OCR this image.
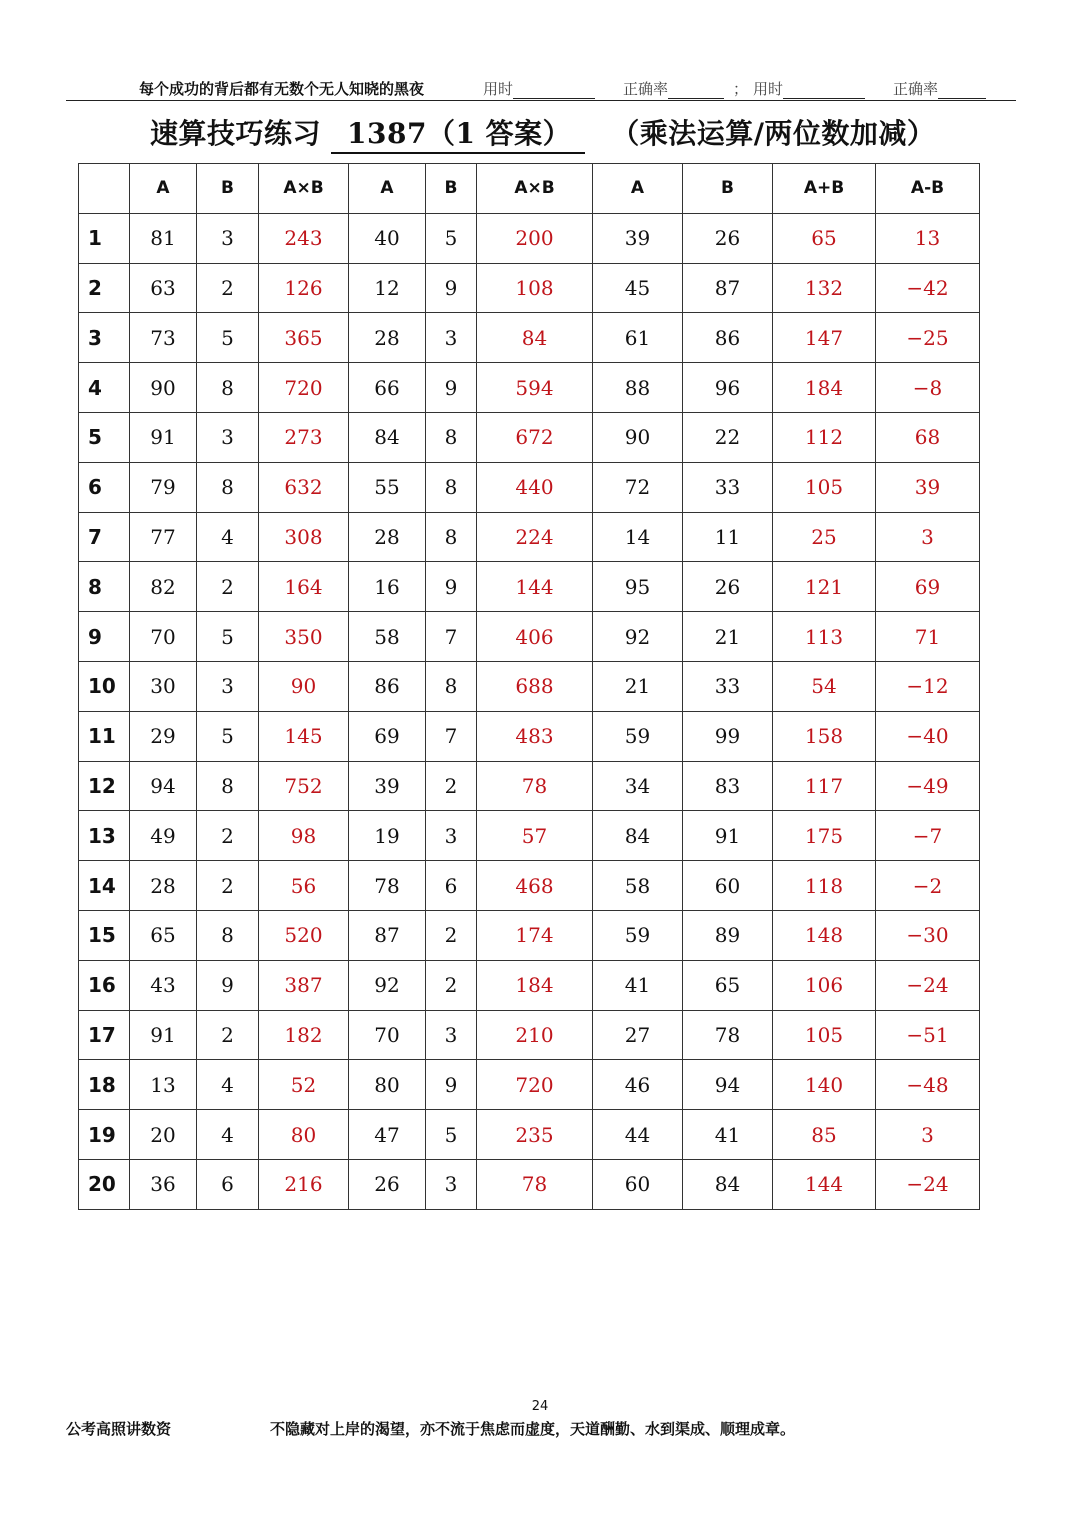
每个成功的背后都有无数个无人知晓的黑夜	用时	正确率	； 用时	正确率
速算技巧练习 1387（1 答案） （乘法运算/两位数加减）
	A	B	A×B	A	B	A×B	A	B	A+B	A-B
1	81	3	243	40	5	200	39	26	65	13
2	63	2	126	12	9	108	45	87	132	−42
3	73	5	365	28	3	84	61	86	147	−25
4	90	8	720	66	9	594	88	96	184	−8
5	91	3	273	84	8	672	90	22	112	68
6	79	8	632	55	8	440	72	33	105	39
7	77	4	308	28	8	224	14	11	25	3
8	82	2	164	16	9	144	95	26	121	69
9	70	5	350	58	7	406	92	21	113	71
10	30	3	90	86	8	688	21	33	54	−12
11	29	5	145	69	7	483	59	99	158	−40
12	94	8	752	39	2	78	34	83	117	−49
13	49	2	98	19	3	57	84	91	175	−7
14	28	2	56	78	6	468	58	60	118	−2
15	65	8	520	87	2	174	59	89	148	−30
16	43	9	387	92	2	184	41	65	106	−24
17	91	2	182	70	3	210	27	78	105	−51
18	13	4	52	80	9	720	46	94	140	−48
19	20	4	80	47	5	235	44	41	85	3
20	36	6	216	26	3	78	60	84	144	−24
24
公考高照讲数资	不隐藏对上岸的渴望，亦不流于焦虑而虚度，天道酬勤、水到渠成、顺理成章。
